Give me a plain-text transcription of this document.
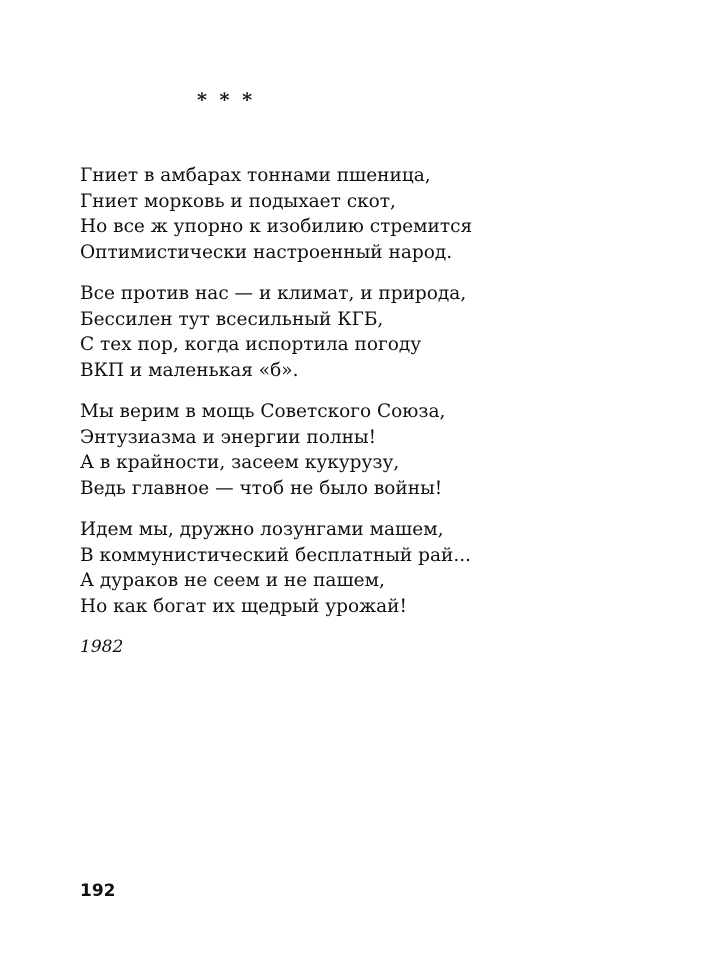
* * *
Гниет в амбарах тоннами пшеница,
Гниет морковь и подыхает скот,
Но все ж упорно к изобилию стремится
Оптимистически настроенный народ.
Все против нас — и климат, и природа,
Бессилен тут всесильный КГБ,
С тех пор, когда испортила погоду
ВКП и маленькая «б».
Мы верим в мощь Советского Союза,
Энтузиазма и энергии полны!
А в крайности, засеем кукурузу,
Ведь главное — чтоб не было войны!
Идем мы, дружно лозунгами машем,
В коммунистический бесплатный рай...
А дураков не сеем и не пашем,
Но как богат их щедрый урожай!
1982
192
